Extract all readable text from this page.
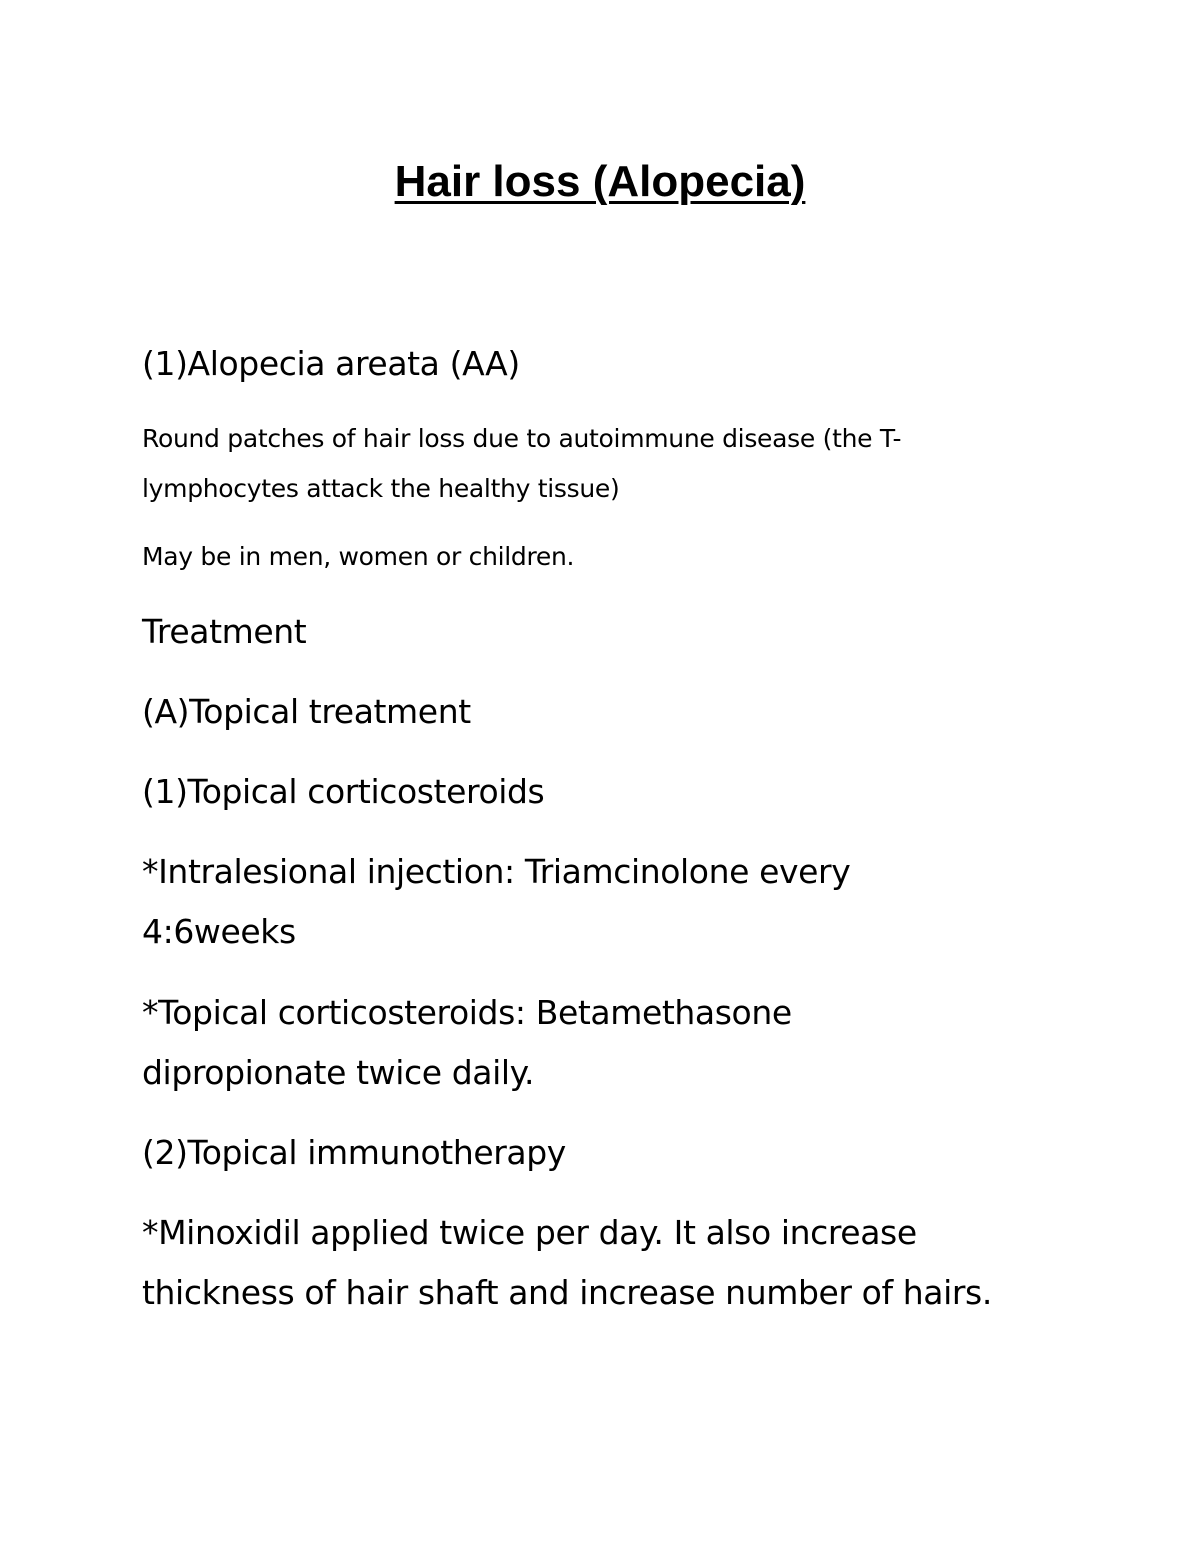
Hair loss (Alopecia)

(1)Alopecia areata (AA)

Round patches of hair loss due to autoimmune disease (the T-

lymphocytes attack the healthy tissue)

May be in men, women or children.

Treatment

(A)Topical treatment

(1)Topical corticosteroids

*Intralesional injection: Triamcinolone every

4:6weeks

*Topical corticosteroids: Betamethasone

dipropionate twice daily.

(2)Topical immunotherapy

*Minoxidil applied twice per day. It also increase

thickness of hair shaft and increase number of hairs.
